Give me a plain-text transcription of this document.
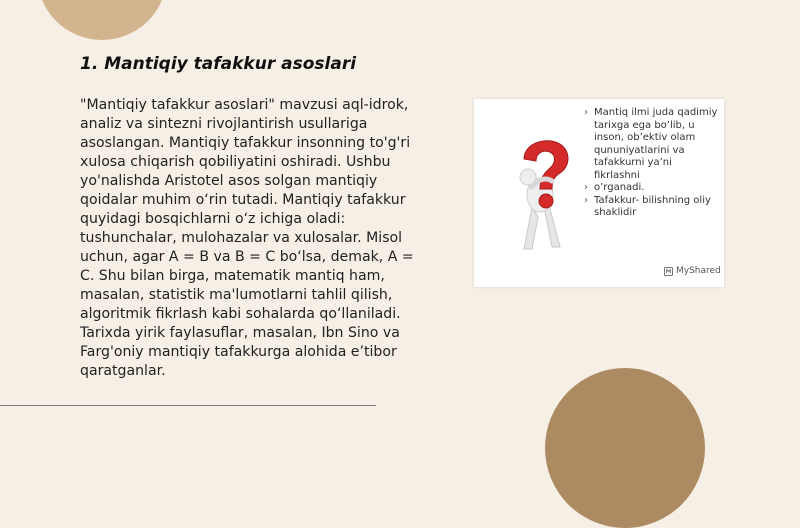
1. Mantiqiy tafakkur asoslari
"Mantiqiy tafakkur asoslari" mavzusi aql-idrok, analiz va sintezni rivojlantirish usullariga asoslangan. Mantiqiy tafakkur insonning to'g'ri xulosa chiqarish qobiliyatini oshiradi. Ushbu yo'nalishda Aristotel asos solgan mantiqiy qoidalar muhim o‘rin tutadi. Mantiqiy tafakkur quyidagi bosqichlarni o‘z ichiga oladi: tushunchalar, mulohazalar va xulosalar. Misol uchun, agar A = B va B = C bo‘lsa, demak, A = C. Shu bilan birga, matematik mantiq ham, masalan, statistik ma'lumotlarni tahlil qilish, algoritmik fikrlash kabi sohalarda qo‘llaniladi. Tarixda yirik faylasuflar, masalan, Ibn Sino va Farg'oniy mantiqiy tafakkurga alohida e’tibor qaratganlar.
› Mantiq ilmi juda qadimiy tarixga ega bo’lib, u inson, ob’ektiv olam qununiyatlarini va tafakkurni ya’ni fikrlashni
› o’rganadi.
› Tafakkur- bilishning oliy shaklidir
MyShared
